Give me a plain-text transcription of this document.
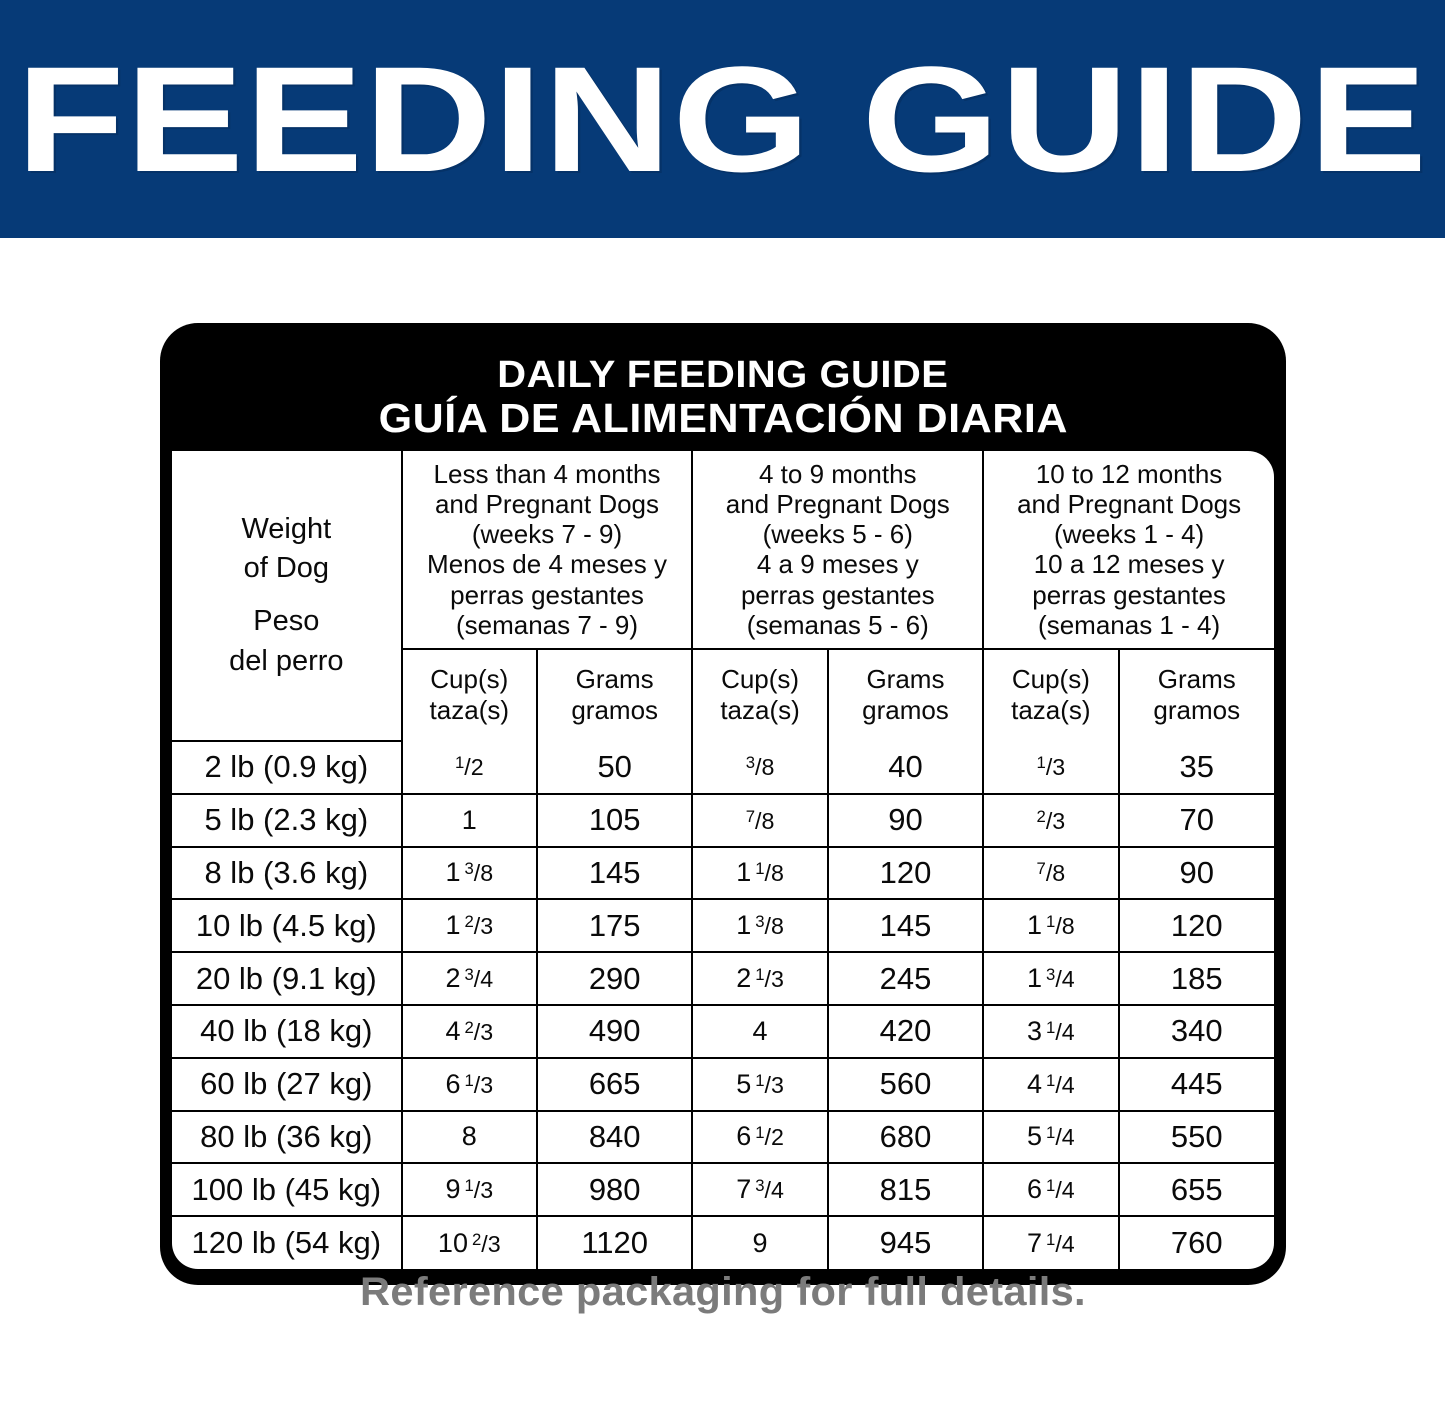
FEEDING GUIDE
DAILY FEEDING GUIDE
GUÍA DE ALIMENTACIÓN DIARIA
Weight
of Dog
Peso
del perro

Less than 4 months
and Pregnant Dogs
(weeks 7 - 9)
Menos de 4 meses y
perras gestantes
(semanas 7 - 9)

4 to 9 months
and Pregnant Dogs
(weeks 5 - 6)
4 a 9 meses y
perras gestantes
(semanas 5 - 6)

10 to 12 months
and Pregnant Dogs
(weeks 1 - 4)
10 a 12 meses y
perras gestantes
(semanas 1 - 4)

	Cup(s)
taza(s)	Grams
gramos	Cup(s)
taza(s)	Grams
gramos	Cup(s)
taza(s)	Grams
gramos

2 lb (0.9 kg)	$^1$/2	50	$^3$/8	40	$^1$/3	35
5 lb (2.3 kg)	1	105	$^7$/8	90	$^2$/3	70
8 lb (3.6 kg)	1 $^3$/8	145	1 $^1$/8	120	$^7$/8	90
10 lb (4.5 kg)	1 $^2$/3	175	1 $^3$/8	145	1 $^1$/8	120
20 lb (9.1 kg)	2 $^3$/4	290	2 $^1$/3	245	1 $^3$/4	185
40 lb (18 kg)	4 $^2$/3	490	4	420	3 $^1$/4	340
60 lb (27 kg)	6 $^1$/3	665	5 $^1$/3	560	4 $^1$/4	445
80 lb (36 kg)	8	840	6 $^1$/2	680	5 $^1$/4	550
100 lb (45 kg)	9 $^1$/3	980	7 $^3$/4	815	6 $^1$/4	655
120 lb (54 kg)	10 $^2$/3	1120	9	945	7 $^1$/4	760
Reference packaging for full details.
